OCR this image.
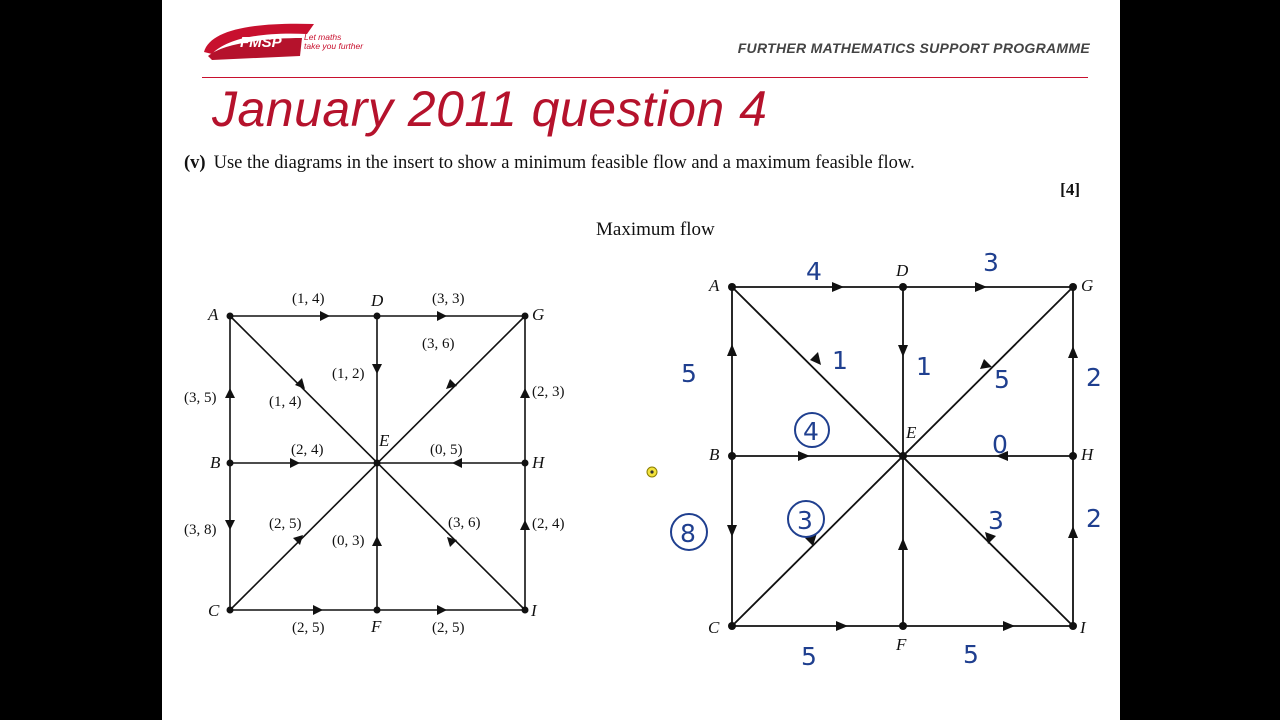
FMSP	Let maths
take you further	FURTHER MATHEMATICS SUPPORT PROGRAMME
January 2011 question 4
(v) Use the diagrams in the insert to show a minimum feasible flow and a maximum feasible flow.
[4]
Maximum flow
A
D
G
B
E
H
C
F
I
(1, 4)	(3, 3)
(3, 5)	(1, 4)
(1, 2)
(3, 6)
(2, 3)
(2, 4)	(0, 5)
(3, 8)	(2, 5)
(0, 3)
(3, 6)	(2, 4)
(2, 5)	(2, 5)
A
D
G
B
E
H
C
F
I
4	3
5	1	1 5	2
4	0
8	3	3	2
5	5
